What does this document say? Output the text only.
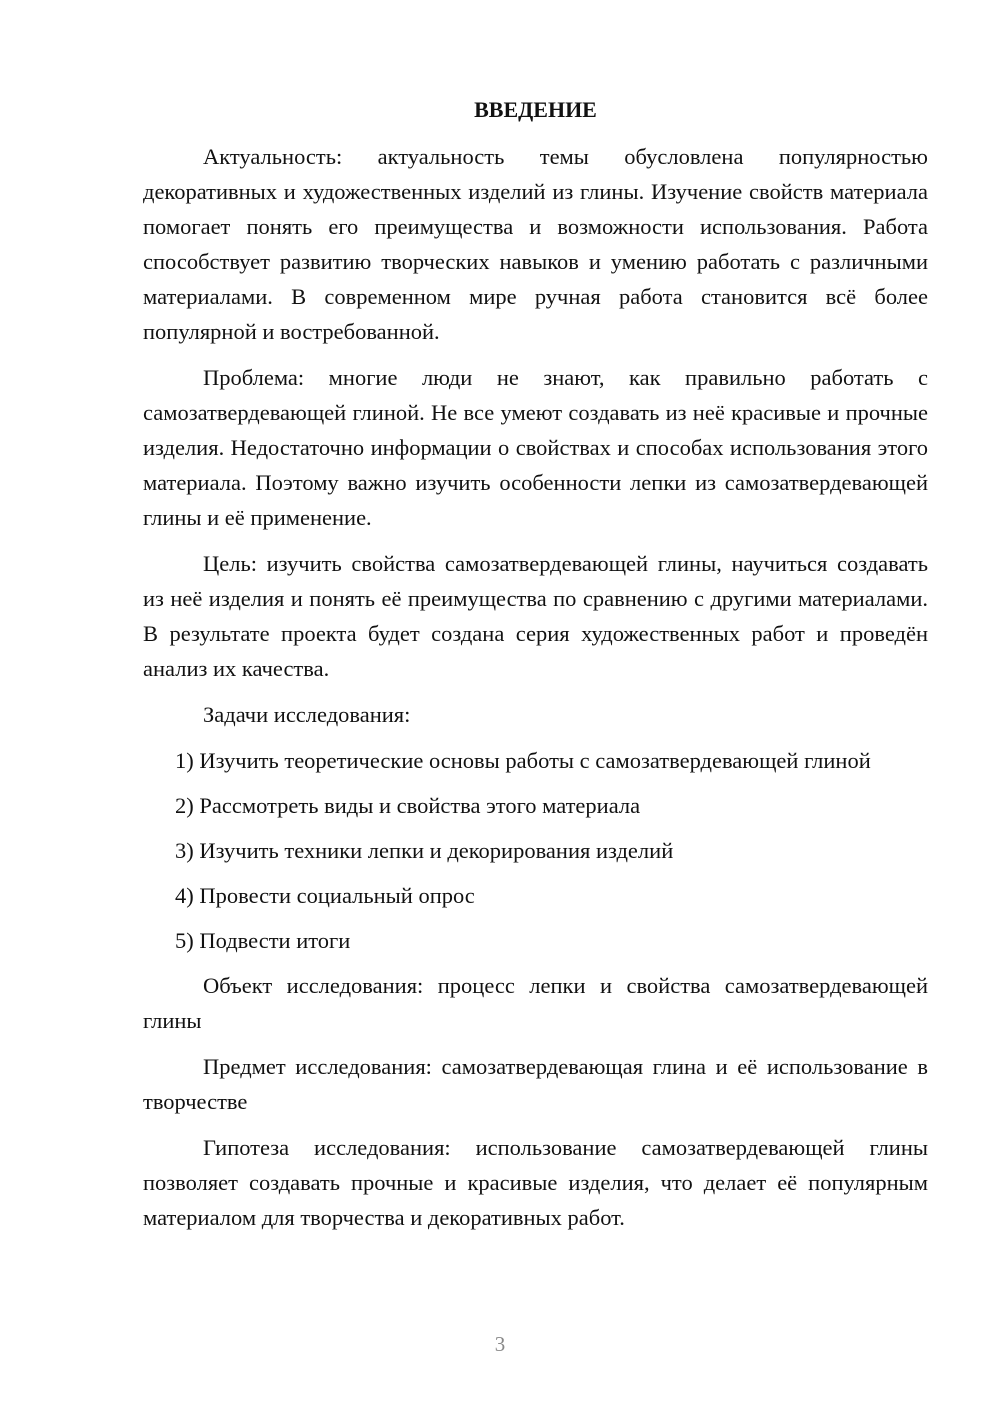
ВВЕДЕНИЕ

Актуальность: актуальность темы обусловлена популярностью декоративных и художественных изделий из глины. Изучение свойств материала помогает понять его преимущества и возможности использования. Работа способствует развитию творческих навыков и умению работать с различными материалами. В современном мире ручная работа становится всё более популярной и востребованной.

Проблема: многие люди не знают, как правильно работать с самозатвердевающей глиной. Не все умеют создавать из неё красивые и прочные изделия. Недостаточно информации о свойствах и способах использования этого материала. Поэтому важно изучить особенности лепки из самозатвердевающей глины и её применение.

Цель: изучить свойства самозатвердевающей глины, научиться создавать из неё изделия и понять её преимущества по сравнению с другими материалами. В результате проекта будет создана серия художественных работ и проведён анализ их качества.

Задачи исследования:

1) Изучить теоретические основы работы с самозатвердевающей глиной

2) Рассмотреть виды и свойства этого материала

3) Изучить техники лепки и декорирования изделий

4) Провести социальный опрос

5) Подвести итоги

Объект исследования: процесс лепки и свойства самозатвердевающей глины

Предмет исследования: самозатвердевающая глина и её использование в творчестве

Гипотеза исследования: использование самозатвердевающей глины позволяет создавать прочные и красивые изделия, что делает её популярным материалом для творчества и декоративных работ.

3
